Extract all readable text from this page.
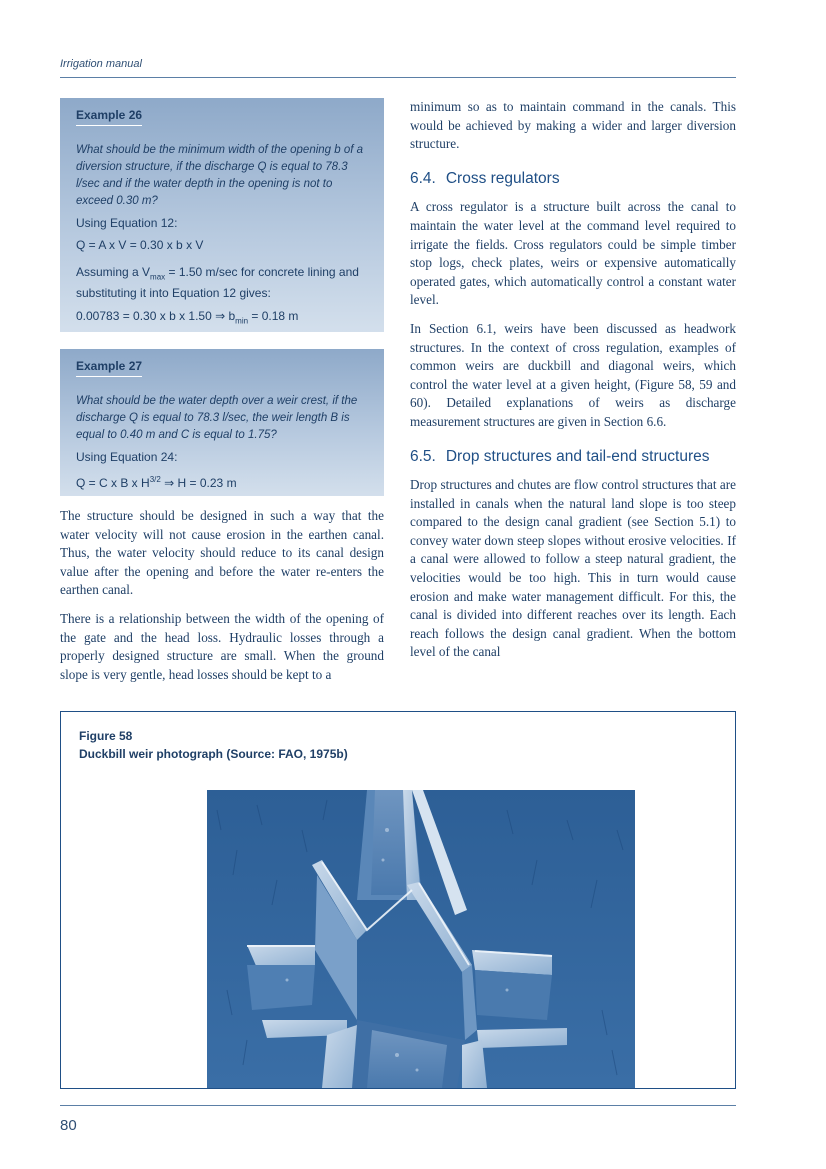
Irrigation manual
Example 26

What should be the minimum width of the opening b of a diversion structure, if the discharge Q is equal to 78.3 l/sec and if the water depth in the opening is not to exceed 0.30 m?

Using Equation 12:

Q = A x V = 0.30 x b x V

Assuming a $V_{max} = 1.50$ m/sec for concrete lining and substituting it into Equation 12 gives:

0.00783 = 0.30 x b x 1.50 ⇒ $b_{min} = 0.18$ m

Example 27

What should be the water depth over a weir crest, if the discharge Q is equal to 78.3 l/sec, the weir length B is equal to 0.40 m and C is equal to 1.75?

Using Equation 24:

Q = C x B x $H^{3/2}$ ⇒ H = 0.23 m

The structure should be designed in such a way that the water velocity will not cause erosion in the earthen canal. Thus, the water velocity should reduce to its canal design value after the opening and before the water re-enters the earthen canal.

There is a relationship between the width of the opening of the gate and the head loss. Hydraulic losses through a properly designed structure are small. When the ground slope is very gentle, head losses should be kept to a

minimum so as to maintain command in the canals. This would be achieved by making a wider and larger diversion structure.

6.4. Cross regulators

A cross regulator is a structure built across the canal to maintain the water level at the command level required to irrigate the fields. Cross regulators could be simple timber stop logs, check plates, weirs or expensive automatically operated gates, which automatically control a constant water level.

In Section 6.1, weirs have been discussed as headwork structures. In the context of cross regulation, examples of common weirs are duckbill and diagonal weirs, which control the water level at a given height, (Figure 58, 59 and 60). Detailed explanations of weirs as discharge measurement structures are given in Section 6.6.

6.5. Drop structures and tail-end structures

Drop structures and chutes are flow control structures that are installed in canals when the natural land slope is too steep compared to the design canal gradient (see Section 5.1) to convey water down steep slopes without erosive velocities. If a canal were allowed to follow a steep natural gradient, the velocities would be too high. This in turn would cause erosion and make water management difficult. For this, the canal is divided into different reaches over its length. Each reach follows the design canal gradient. When the bottom level of the canal

Figure 58
Duckbill weir photograph (Source: FAO, 1975b)
80
